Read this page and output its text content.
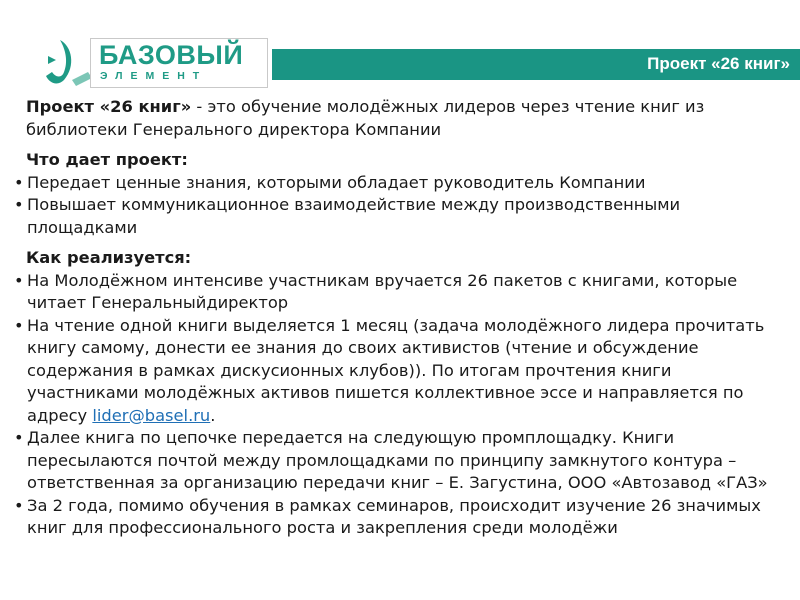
БАЗОВЫЙ
ЭЛЕМЕНТ
Проект «26 книг»

Проект «26 книг» - это обучение молодёжных лидеров через чтение книг из библиотеки Генерального директора Компании

Что дает проект:

• Передает ценные знания, которыми обладает руководитель Компании

• Повышает коммуникационное взаимодействие между производственными площадками

Как реализуется:

• На Молодёжном интенсиве участникам вручается 26 пакетов с книгами, которые читает Генеральныйдиректор

• На чтение одной книги выделяется 1 месяц (задача молодёжного лидера прочитать книгу самому, донести ее знания до своих активистов (чтение и обсуждение содержания в рамках дискусионных клубов)). По итогам прочтения книги участниками молодёжных активов пишется коллективное эссе и направляется по адресу lider@basel.ru.

• Далее книга по цепочке передается на следующую промплощадку. Книги пересылаются почтой между промлощадками по принципу замкнутого контура – ответственная за организацию передачи книг – Е. Загустина, ООО «Автозавод «ГАЗ»

• За 2 года, помимо обучения в рамках семинаров, происходит изучение 26 значимых книг для профессионального роста и закрепления среди молодёжи
